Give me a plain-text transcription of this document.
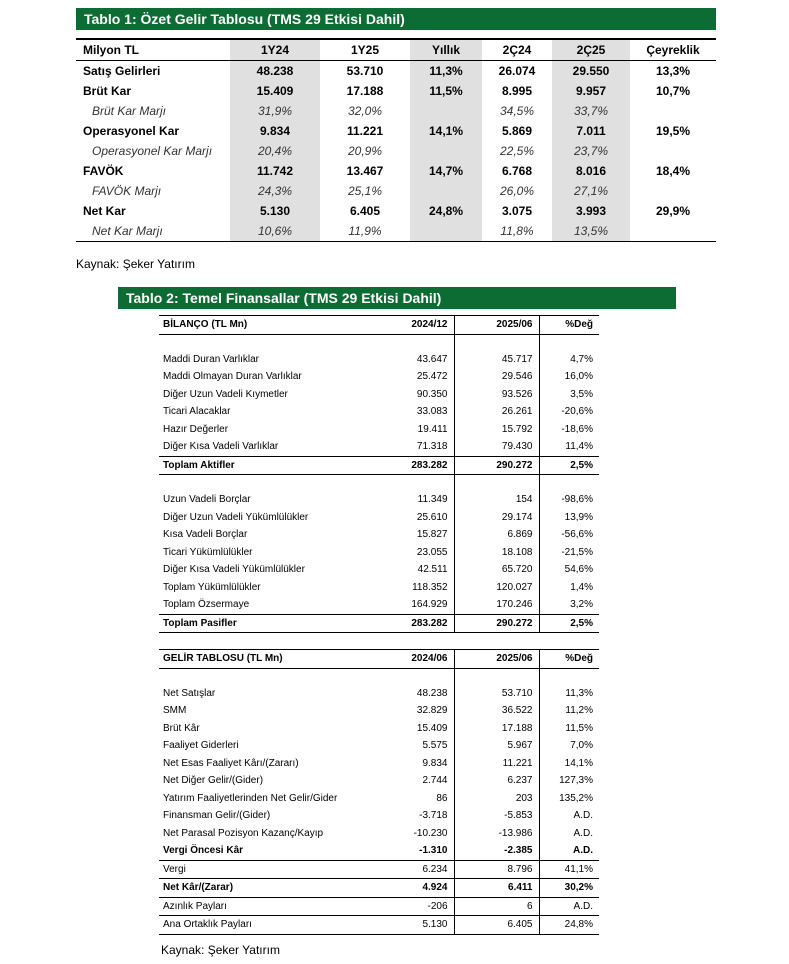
Tablo 1: Özet Gelir Tablosu (TMS 29 Etkisi Dahil)
Milyon TL	1Y24	1Y25	Yıllık	2Ç24	2Ç25	Çeyreklik
Satış Gelirleri	48.238	53.710	11,3%	26.074	29.550	13,3%
Brüt Kar	15.409	17.188	11,5%	8.995	9.957	10,7%
Brüt Kar Marjı	31,9%	32,0%		34,5%	33,7%	
Operasyonel Kar	9.834	11.221	14,1%	5.869	7.011	19,5%
Operasyonel Kar Marjı	20,4%	20,9%		22,5%	23,7%	
FAVÖK	11.742	13.467	14,7%	6.768	8.016	18,4%
FAVÖK Marjı	24,3%	25,1%		26,0%	27,1%	
Net Kar	5.130	6.405	24,8%	3.075	3.993	29,9%
Net Kar Marjı	10,6%	11,9%		11,8%	13,5%	
Kaynak: Şeker Yatırım
Tablo 2: Temel Finansallar (TMS 29 Etkisi Dahil)
BİLANÇO (TL Mn)	2024/12	2025/06	%Değ

Maddi Duran Varlıklar	43.647	45.717	4,7%
Maddi Olmayan Duran Varlıklar	25.472	29.546	16,0%
Diğer Uzun Vadeli Kıymetler	90.350	93.526	3,5%
Ticari Alacaklar	33.083	26.261	-20,6%
Hazır Değerler	19.411	15.792	-18,6%
Diğer Kısa Vadeli Varlıklar	71.318	79.430	11,4%
Toplam Aktifler	283.282	290.272	2,5%

Uzun Vadeli Borçlar	11.349	154	-98,6%
Diğer Uzun Vadeli Yükümlülükler	25.610	29.174	13,9%
Kısa Vadeli Borçlar	15.827	6.869	-56,6%
Ticari Yükümlülükler	23.055	18.108	-21,5%
Diğer Kısa Vadeli Yükümlülükler	42.511	65.720	54,6%
Toplam Yükümlülükler	118.352	120.027	1,4%
Toplam Özsermaye	164.929	170.246	3,2%
Toplam Pasifler	283.282	290.272	2,5%
GELİR TABLOSU (TL Mn)	2024/06	2025/06	%Değ

Net Satışlar	48.238	53.710	11,3%
SMM	32.829	36.522	11,2%
Brüt Kâr	15.409	17.188	11,5%
Faaliyet Giderleri	5.575	5.967	7,0%
Net Esas Faaliyet Kârı/(Zararı)	9.834	11.221	14,1%
Net Diğer Gelir/(Gider)	2.744	6.237	127,3%
Yatırım Faaliyetlerinden Net Gelir/Gider	86	203	135,2%
Finansman Gelir/(Gider)	-3.718	-5.853	A.D.
Net Parasal Pozisyon Kazanç/Kayıp	-10.230	-13.986	A.D.
Vergi Öncesi Kâr	-1.310	-2.385	A.D.
Vergi	6.234	8.796	41,1%
Net Kâr/(Zarar)	4.924	6.411	30,2%
Azınlık Payları	-206	6	A.D.
Ana Ortaklık Payları	5.130	6.405	24,8%
Kaynak: Şeker Yatırım
